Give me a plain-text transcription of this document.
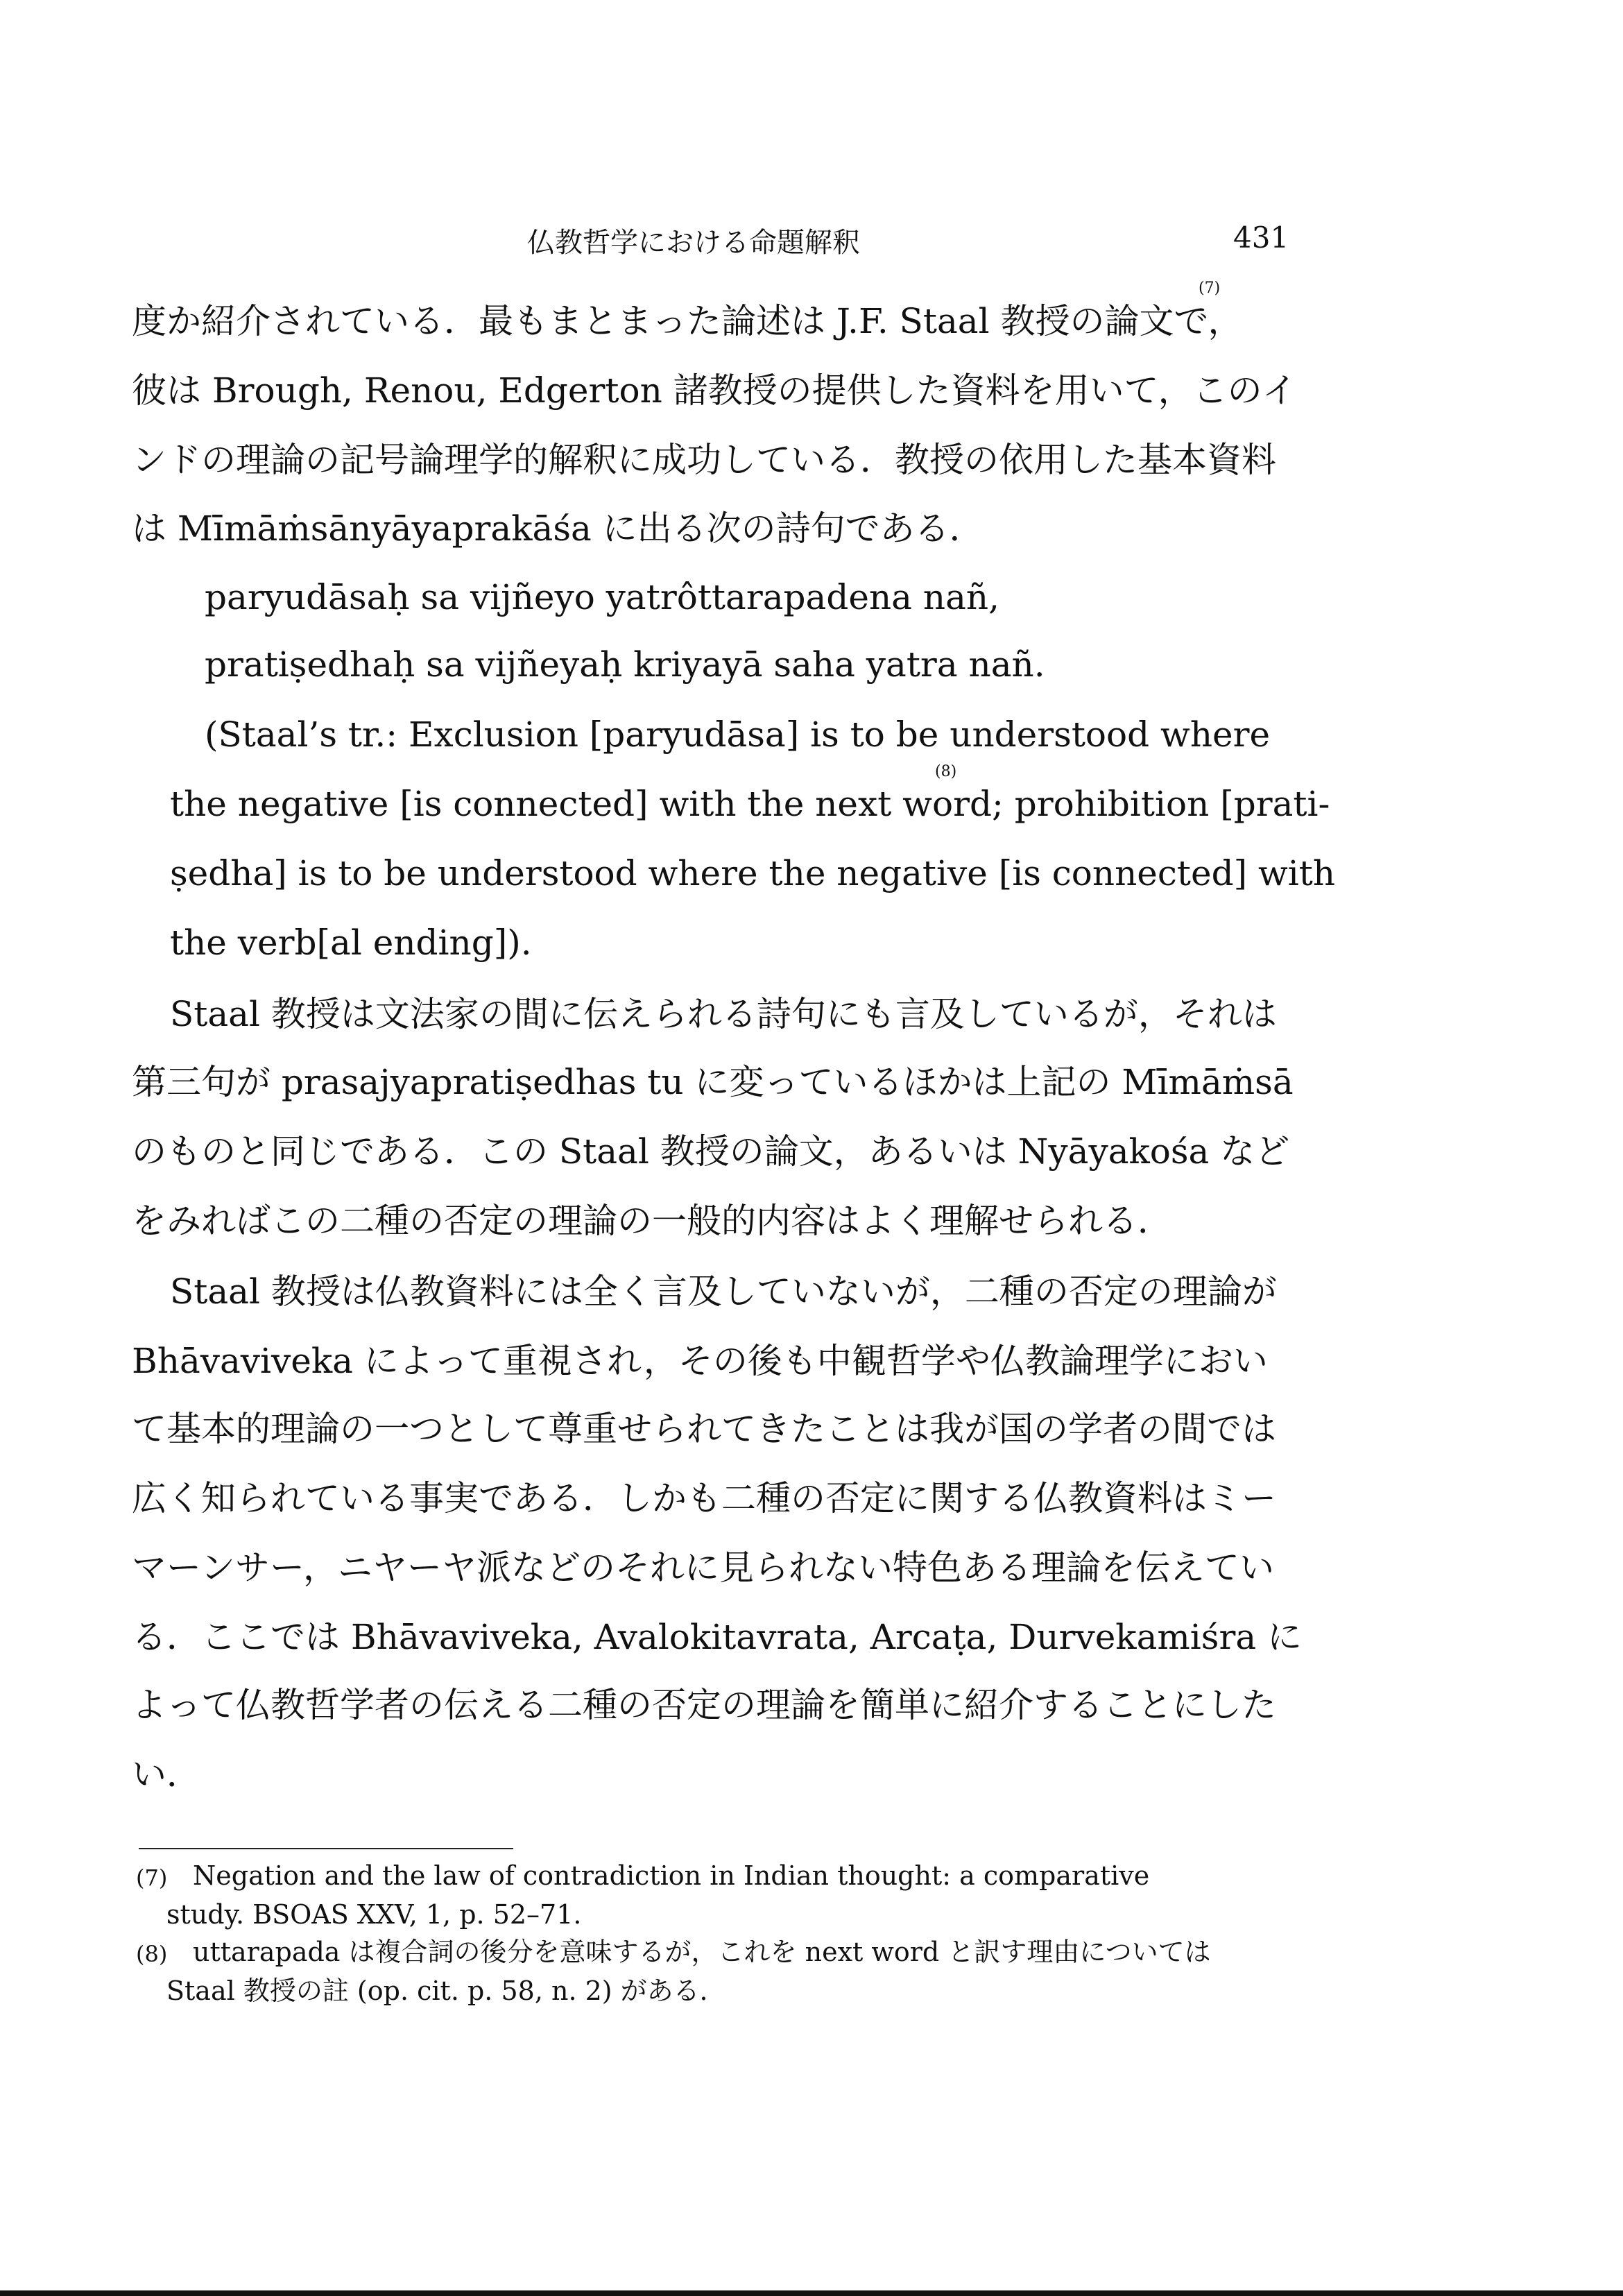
仏教哲学における命題解釈	431
(7)
度か紹介されている．最もまとまった論述は J.F. Staal 教授の論文で，
彼は Brough, Renou, Edgerton 諸教授の提供した資料を用いて，このイ
ンドの理論の記号論理学的解釈に成功している．教授の依用した基本資料
は Mīmāṁsānyāyaprakāśa に出る次の詩句である．
paryudāsaḥ sa vijñeyo yatrôttarapadena nañ,
pratiṣedhaḥ sa vijñeyaḥ kriyayā saha yatra nañ.
(Staal’s tr.: Exclusion [paryudāsa] is to be understood where
(8)
the negative [is connected] with the next word; prohibition [prati-
ṣedha] is to be understood where the negative [is connected] with
the verb[al ending]).
Staal 教授は文法家の間に伝えられる詩句にも言及しているが，それは
第三句が prasajyapratiṣedhas tu に変っているほかは上記の Mīmāṁsā
のものと同じである．この Staal 教授の論文，あるいは Nyāyakośa など
をみればこの二種の否定の理論の一般的内容はよく理解せられる．
Staal 教授は仏教資料には全く言及していないが，二種の否定の理論が
Bhāvaviveka によって重視され，その後も中観哲学や仏教論理学におい
て基本的理論の一つとして尊重せられてきたことは我が国の学者の間では
広く知られている事実である．しかも二種の否定に関する仏教資料はミー
マーンサー，ニヤーヤ派などのそれに見られない特色ある理論を伝えてい
る．ここでは Bhāvaviveka, Avalokitavrata, Arcaṭa, Durvekamiśra に
よって仏教哲学者の伝える二種の否定の理論を簡単に紹介することにした
い．
(7) Negation and the law of contradiction in Indian thought: a comparative
study. BSOAS XXV, 1, p. 52–71.
(8) uttarapada は複合詞の後分を意味するが，これを next word と訳す理由については
Staal 教授の註 (op. cit. p. 58, n. 2) がある．
